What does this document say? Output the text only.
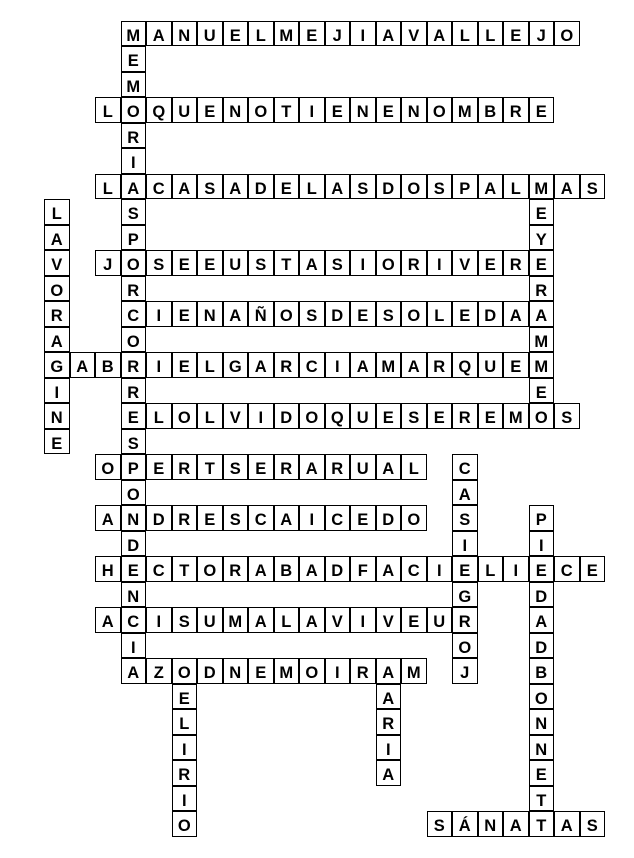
M A N U E L M E J	I	A V A L L E J O
E
M
O
R
I
A
S
P
O
R
C
O
R
R
E
S
P
O
N
D
E
N
C
I
A
L	Q U E N O T	I	E N E N O M B R E
L	C A S A D E L A S D O S P A L M A S
E
Y
E
R
A
M
M
E
L
A
V
O
R
A
G
I
N
E
J	S E E U S T A S	I	O R	I	V E R
I	E N A Ñ O S D E S O L E D A
A B	I	E L G A R C	I	A M A R Q U E
L O L V	I	D O Q U E S E R E M O S
O	E R T S E R A R U A L	C
A
S
I
E
G
R
O
J
A	D R E S C A	I	C E D O	P
I
E
D
A
D
B
O
N
N
E
T
T
H	C T O R A B A D F A C	I	L	I	C E
A	I	S U M A L A V	I	V E U
Z O D N E M O	I	R A M
E
L
I
R
I
O
A
R
I
A
S Á N A	A S
